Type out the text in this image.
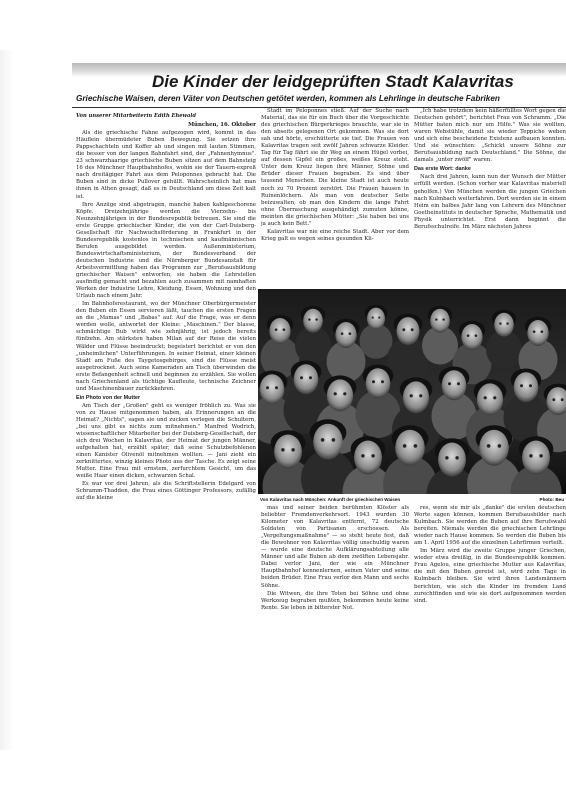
Die Kinder der leidgeprüften Stadt Kalavritas
Griechische Waisen, deren Väter von Deutschen getötet werden, kommen als Lehrlinge in deutsche Fabriken

Von unserer Mitarbeiterin Edith Ehewald

München, 16. Oktober

Als die griechische Fahne aufgezogen wird, kommt in das Häuflein übermüdeter Buben Bewegung. Sie setzen ihre Pappschachteln und Koffer ab und singen mit lauten Stimmen, die besser von der langen Bahnfahrt sind, der „Fahnenhymnus". 23 schwarzhaarige griechische Buben sitzen auf dem Bahnsteig 16 des Münchner Hauptbahnhofes, wohin sie der Tauern-expreß nach dreitägiger Fahrt aus dem Peloponnes gebracht hat. Die Buben sind in dicke Pullover gehüllt. Wahrscheinlich hat man ihnen in Athen gesagt, daß es in Deutschland um diese Zeit kalt ist.

Ihre Anzüge sind abgetragen, manche haben kahlgeschorene Köpfe. Dreizehnjährige werden die Vierzehn- bis Neunzehnjährigen in der Bundesrepublik betreuen. Sie sind die erste Gruppe griechischer Kinder, die von der Carl-Duisberg-Gesellschaft für Nachwuchsförderung in Frankfurt in der Bundesrepublik kostenlos in technischen und kaufmännischen Berufen ausgebildet werden. Außenministerium, Bundeswirtschaftsministerium, der Bundesverband der deutschen Industrie und die Nürnberger Bundesanstalt für Arbeitsvermittlung haben das Programm zur „Berufsausbildung griechischer Waisen" entworfen, sie haben die Lehrstellen ausfindig gemacht und bezahlen auch zusammen mit namhaften Werken der Industrie Lehre, Kleidung, Essen, Wohnung und den Urlaub nach einem Jahr.

Im Bahnhofsrestaurant, wo der Münchner Oberbürgermeister den Buben ein Essen servieren läßt, tauchen die ersten Fragen an die „Mamas" und „Babas" auf. Auf die Frage, was er denn werden wolle, antwortet der Kleine: „Maschinen." Der blasse, schmächtige Bub wirkt wie zehnjährig, ist jedoch bereits fünfzehn. Am stärksten haben Milan auf der Reise die vielen Wälder und Flüsse beeindruckt; begeistert berichtet er von den „unheimlichen" Unterführungen. In seiner Heimat, einer kleinen Stadt am Fuße des Taygetosgebirges, sind die Flüsse meist ausgetrocknet. Auch seine Kameraden am Tisch überwinden die erste Befangenheit schnell und beginnen zu erzählen. Sie wollen nach Griechenland als tüchtige Kaufleute, technische Zeichner und Maschinenbauer zurückkehren.

Ein Photo von der Mutter

Am Tisch der „Großen" geht es weniger fröhlich zu. Was sie von zu Hause mitgenommen haben, als Erinnerungen an die Heimat? „Nichts", sagen sie und zucken verlegen die Schultern, „bei uns gibt es nichts zum mitnehmen." Manfred Wodrich, wissenschaftlicher Mitarbeiter bei der Duisberg-Gesellschaft, der sich drei Wochen in Kalavritas, der Heimat der jungen Männer, aufgehalten hat, erzählt später, daß seine Schutzbefohlenen einen Kanister Olivenöl mitnehmen wollten. — Jani zieht ein zerknittertes, winzig kleines Photo aus der Tasche. Es zeigt seine Mutter. Eine Frau mit ernstem, zerfurchtem Gesicht, um das weiße Haar einen dicken, schwarzen Schal.

Es war vor drei Jahren, als die Schriftstellerin Edelgard von Schramm-Thadden, die Frau eines Göttinger Professors, zufällig auf die kleine

Stadt im Peloponnes stieß. Auf der Suche nach Material, das sie für ein Buch über die Vorgeschichte des griechischen Bürgerkrieges brauchte, war sie in den abseits gelegenen Ort gekommen. Was sie dort sah und hörte, erschütterte sie tief. Die Frauen von Kalavritas tragen seit zwölf Jahren schwarze Kleider. Tag für Tag fährt sie ihr Weg an einem Hügel vorbei, auf dessen Gipfel ein großes, weißes Kreuz steht. Unter dem Kreuz liegen ihre Männer, Söhne und Brüder dieser Frauen begraben. Es sind über tausend Menschen. Die kleine Stadt ist auch heute noch zu 70 Prozent zerstört. Die Frauen hausen in Ruinenlöchern. Als man von deutscher Seite beizuwalten, ob man den Kindern die lange Fahrt ohne Überraschung ausgehändigt zumuten könne, meinten die griechischen Mütter: „Sie haben bei uns ja auch kein Bett."

Kalavritas war nie eine reiche Stadt. Aber vor dem Krieg galt es wegen seines gesunden Kli-

„Ich habe trotzdem kein häßerfülltes Wort gegen die Deutschen gehört", berichtet Frau von Schramm. „Die Mütter baten mich nur um Hilfe." Was sie wollten, waren Webstühle, damit sie wieder Teppiche weben und sich eine bescheidene Existenz aufbauen konnten. Und sie wünschten: „Schickt unsere Söhne zur Berufsausbildung nach Deutschland." Die Söhne, die damals „unter zwölf" waren.

Das erste Wort: danke

Nach drei Jahren, kann nun der Wunsch der Mütter erfüllt werden. (Schon vorher war Kalavritas materiell geholfen.) Von München werden die jungen Griechen nach Kulmbach weiterfahren. Dort werden sie in einem Heim ein halbes Jahr lang von Lehrern des Münchner Goetheinstituts in deutscher Sprache, Mathematik und Physik unterrichtet. Erst dann beginnt die Berufsschulreife. Im März nächsten Jahres

Von Kalavritas nach München: Ankunft der griechischen Waisen	Photo: Beu

mas und seiner beiden berühmten Klöster als beliebter Fremdenverkehrsort. 1943 wurden 30 Kilometer von Kalavritas entfernt, 72 deutsche Soldaten von Partisanen erschossen. Als „Vergeltungsmaßnahme" — so steht heute fest, daß die Bewohner von Kalavritas völlig unschuldig waren — wurde eine deutsche Aufklärungsabteilung alle Männer und alle Buben ab dem zwölften Lebensjahr. Dabei verlor Jani, der wie ein Münchner Hauptbahnhof kennenlernen, seinen Vater und seine beiden Brüder. Eine Frau verlor den Mann und sechs Söhne.

Die Witwen, die ihre Toten bei Söhne und ohne Werkzeug begraben mußten, bekommen heute keine Rente. Sie leben in bitterster Not.

res, wenn sie mir als „danke" die ersten deutschen Worte sagen können, kommen Berufsausbilder nach Kulmbach. Sie werden die Buben auf ihre Berufswahl bereiten. Niemals werden die griechischen Lehrlinge wieder nach Hause kommen. So werden die Buben bis am 1. April 1956 auf die einzelnen Lehrfirmen verteilt.

Im März wird die zweite Gruppe junger Griechen, wieder etwa dreißig, in die Bundesrepublik kommen. Frau Agelou, eine griechische Mutter aus Kalavritas, die mit den Buben gereist ist, wird zehn Tage in Kulmbach bleiben. Sie wird ihren Landsmännern berichten, wie sich die Kinder im fremden Land zurechtfinden und wie sie dort aufgenommen werden sind.
